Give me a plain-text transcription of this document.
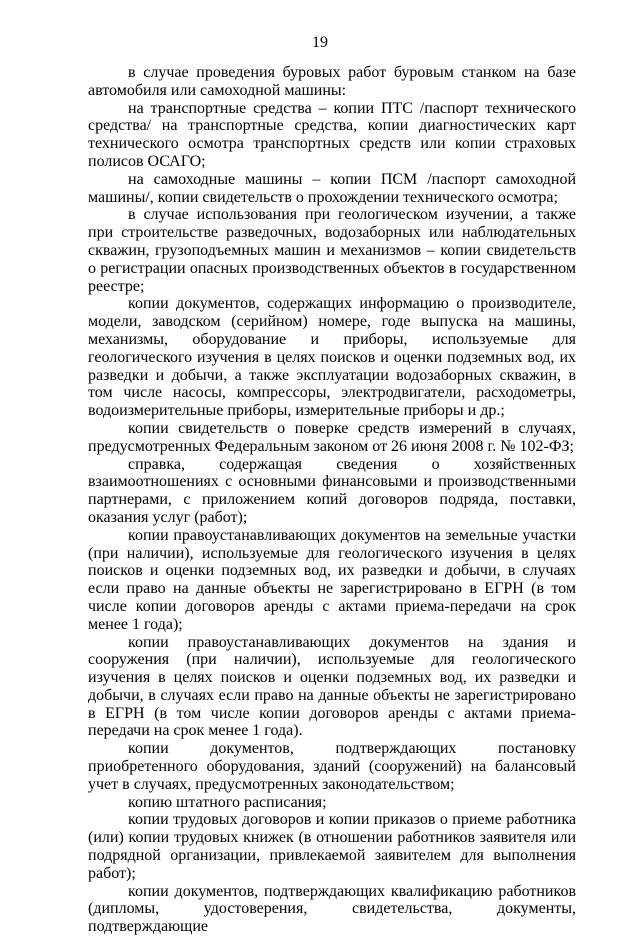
19

в случае проведения буровых работ буровым станком на базе автомобиля или самоходной машины:

на транспортные средства – копии ПТС /паспорт технического средства/ на транспортные средства, копии диагностических карт технического осмотра транспортных средств или копии страховых полисов ОСАГО;

на самоходные машины – копии ПСМ /паспорт самоходной машины/, копии свидетельств о прохождении технического осмотра;

в случае использования при геологическом изучении, а также при строительстве разведочных, водозаборных или наблюдательных скважин, грузоподъемных машин и механизмов – копии свидетельств о регистрации опасных производственных объектов в государственном реестре;

копии документов, содержащих информацию о производителе, модели, заводском (серийном) номере, годе выпуска на машины, механизмы, оборудование и приборы, используемые для геологического изучения в целях поисков и оценки подземных вод, их разведки и добычи, а также эксплуатации водозаборных скважин, в том числе насосы, компрессоры, электродвигатели, расходометры, водоизмерительные приборы, измерительные приборы и др.;

копии свидетельств о поверке средств измерений в случаях, предусмотренных Федеральным законом от 26 июня 2008 г. № 102-ФЗ;

справка, содержащая сведения о хозяйственных взаимоотношениях с основными финансовыми и производственными партнерами, с приложением копий договоров подряда, поставки, оказания услуг (работ);

копии правоустанавливающих документов на земельные участки (при наличии), используемые для геологического изучения в целях поисков и оценки подземных вод, их разведки и добычи, в случаях если право на данные объекты не зарегистрировано в ЕГРН (в том числе копии договоров аренды с актами приема-передачи на срок менее 1 года);

копии правоустанавливающих документов на здания и сооружения (при наличии), используемые для геологического изучения в целях поисков и оценки подземных вод, их разведки и добычи, в случаях если право на данные объекты не зарегистрировано в ЕГРН (в том числе копии договоров аренды с актами приема-передачи на срок менее 1 года).

копии документов, подтверждающих постановку приобретенного оборудования, зданий (сооружений) на балансовый учет в случаях, предусмотренных законодательством;

копию штатного расписания;

копии трудовых договоров и копии приказов о приеме работника (или) копии трудовых книжек (в отношении работников заявителя или подрядной организации, привлекаемой заявителем для выполнения работ);

копии документов, подтверждающих квалификацию работников (дипломы, удостоверения, свидетельства, документы, подтверждающие
